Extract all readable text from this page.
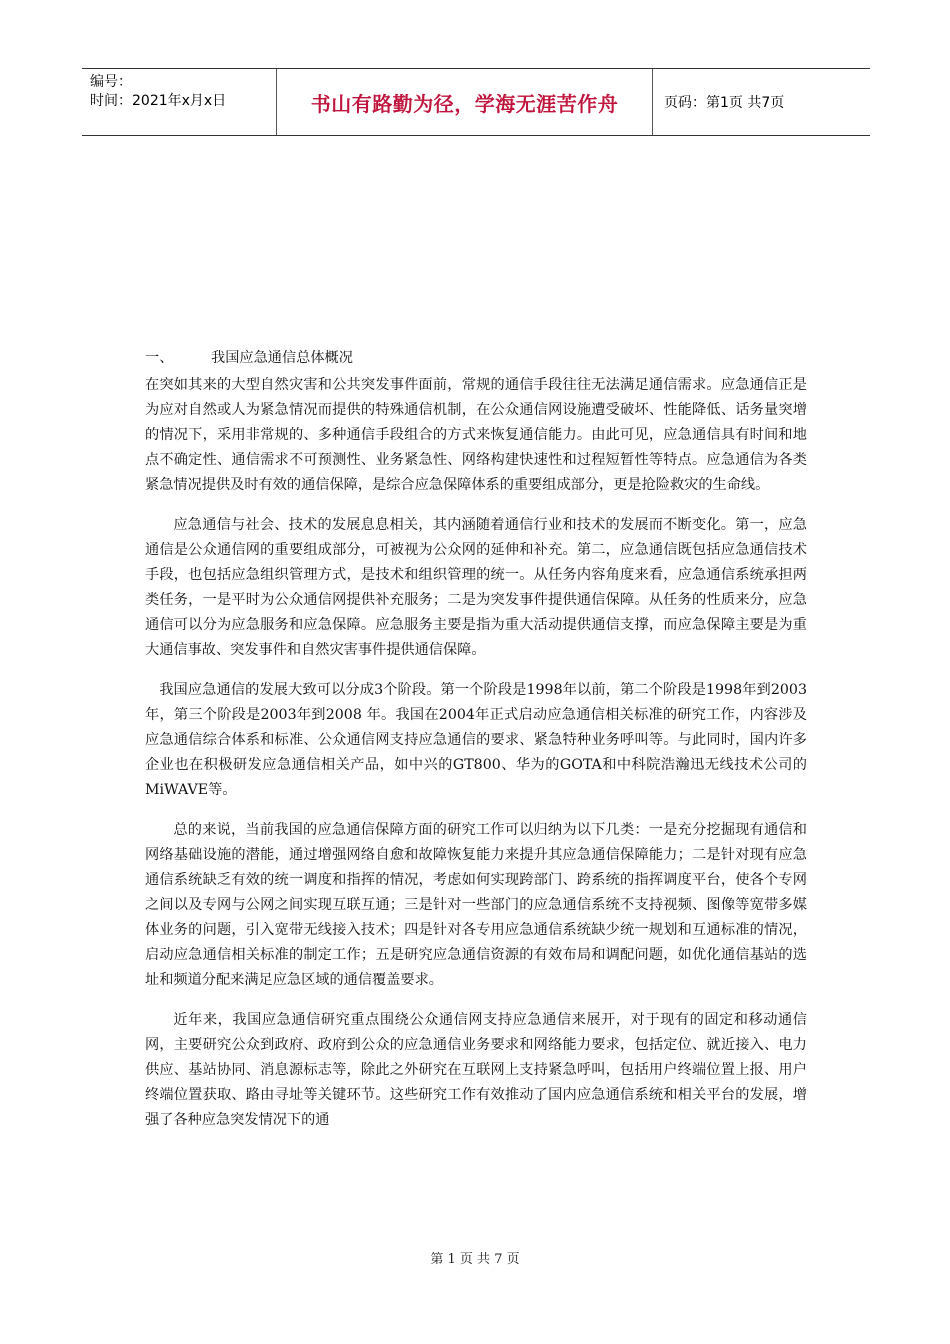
编号：
时间：2021年x月x日	书山有路勤为径，学海无涯苦作舟	页码：第1页 共7页
一、	我国应急通信总体概况

在突如其来的大型自然灾害和公共突发事件面前，常规的通信手段往往无法满足通信需求。应急通信正是为应对自然或人为紧急情况而提供的特殊通信机制，在公众通信网设施遭受破坏、性能降低、话务量突增的情况下，采用非常规的、多种通信手段组合的方式来恢复通信能力。由此可见，应急通信具有时间和地点不确定性、通信需求不可预测性、业务紧急性、网络构建快速性和过程短暂性等特点。应急通信为各类紧急情况提供及时有效的通信保障，是综合应急保障体系的重要组成部分，更是抢险救灾的生命线。

应急通信与社会、技术的发展息息相关，其内涵随着通信行业和技术的发展而不断变化。第一，应急通信是公众通信网的重要组成部分，可被视为公众网的延伸和补充。第二，应急通信既包括应急通信技术手段，也包括应急组织管理方式，是技术和组织管理的统一。从任务内容角度来看，应急通信系统承担两类任务，一是平时为公众通信网提供补充服务；二是为突发事件提供通信保障。从任务的性质来分，应急通信可以分为应急服务和应急保障。应急服务主要是指为重大活动提供通信支撑，而应急保障主要是为重大通信事故、突发事件和自然灾害事件提供通信保障。

我国应急通信的发展大致可以分成3个阶段。第一个阶段是1998年以前，第二个阶段是1998年到2003年，第三个阶段是2003年到2008 年。我国在2004年正式启动应急通信相关标准的研究工作，内容涉及应急通信综合体系和标准、公众通信网支持应急通信的要求、紧急特种业务呼叫等。与此同时，国内许多企业也在积极研发应急通信相关产品，如中兴的GT800、华为的GOTA和中科院浩瀚迅无线技术公司的MiWAVE等。

总的来说，当前我国的应急通信保障方面的研究工作可以归纳为以下几类：一是充分挖掘现有通信和网络基础设施的潜能，通过增强网络自愈和故障恢复能力来提升其应急通信保障能力；二是针对现有应急通信系统缺乏有效的统一调度和指挥的情况，考虑如何实现跨部门、跨系统的指挥调度平台，使各个专网之间以及专网与公网之间实现互联互通；三是针对一些部门的应急通信系统不支持视频、图像等宽带多媒体业务的问题，引入宽带无线接入技术；四是针对各专用应急通信系统缺少统一规划和互通标准的情况，启动应急通信相关标准的制定工作；五是研究应急通信资源的有效布局和调配问题，如优化通信基站的选址和频道分配来满足应急区域的通信覆盖要求。

近年来，我国应急通信研究重点围绕公众通信网支持应急通信来展开，对于现有的固定和移动通信网，主要研究公众到政府、政府到公众的应急通信业务要求和网络能力要求，包括定位、就近接入、电力供应、基站协同、消息源标志等，除此之外研究在互联网上支持紧急呼叫，包括用户终端位置上报、用户终端位置获取、路由寻址等关键环节。这些研究工作有效推动了国内应急通信系统和相关平台的发展，增强了各种应急突发情况下的通

第 1 页 共 7 页
